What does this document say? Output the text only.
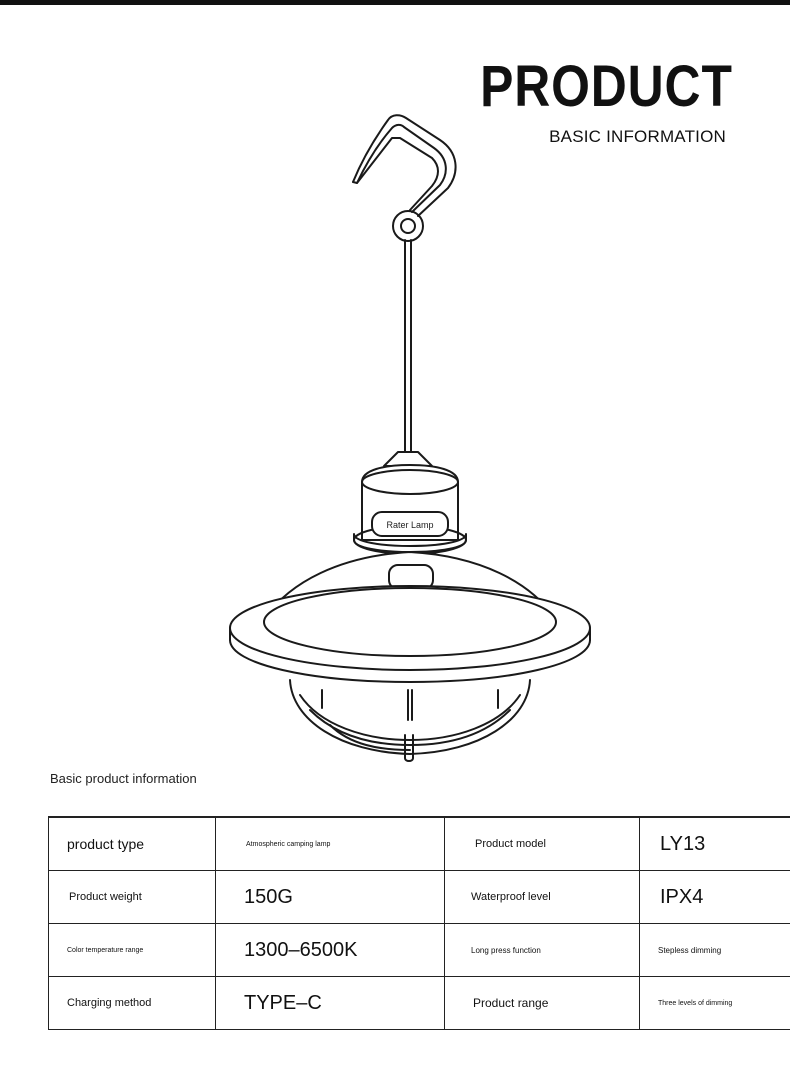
PRODUCT
BASIC INFORMATION
Rater Lamp
Basic product information
product type	Atmospheric camping lamp	Product model	LY13
Product weight	150G	Waterproof level	IPX4
Color temperature range	1300–6500K	Long press function	Stepless dimming
Charging method	TYPE–C	Product range	Three levels of dimming
